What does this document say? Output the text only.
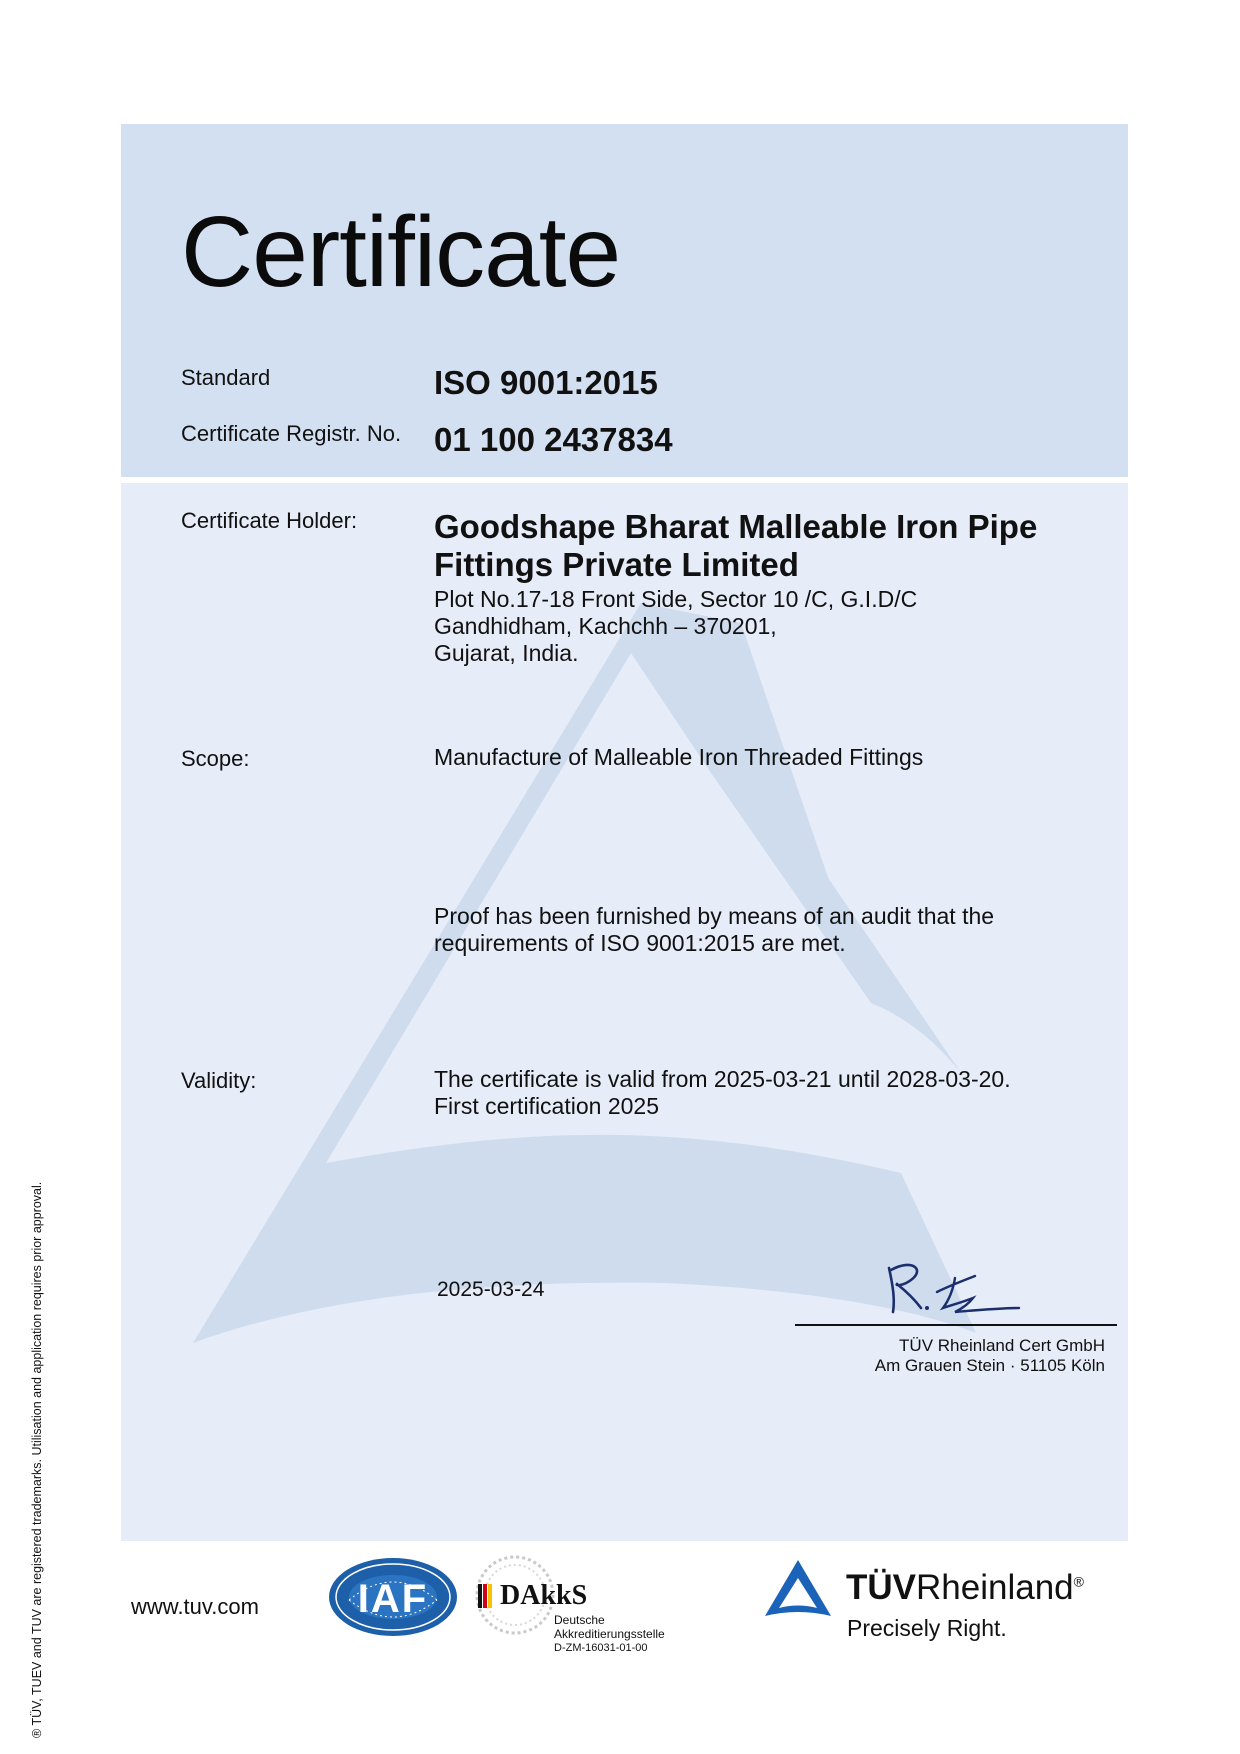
Certificate
Standard	ISO 9001:2015
Certificate Registr. No. 01 100 2437834
Certificate Holder: Goodshape Bharat Malleable Iron Pipe
Fittings Private Limited
Plot No.17-18 Front Side, Sector 10 /C, G.I.D/C
Gandhidham, Kachchh – 370201,
Gujarat, India.
Scope:	Manufacture of Malleable Iron Threaded Fittings
Proof has been furnished by means of an audit that the
requirements of ISO 9001:2015 are met.
Validity:	The certificate is valid from 2025-03-21 until 2028-03-20.
First certification 2025
2025-03-24
TÜV Rheinland Cert GmbH
Am Grauen Stein · 51105 Köln
® TÜV, TUEV and TUV are registered trademarks. Utilisation and application requires prior approval.	www.tuv.com	IAF	DAkkS
Deutsche
Akkreditierungsstelle
D-ZM-16031-01-00
TÜVRheinland®
Precisely Right.
